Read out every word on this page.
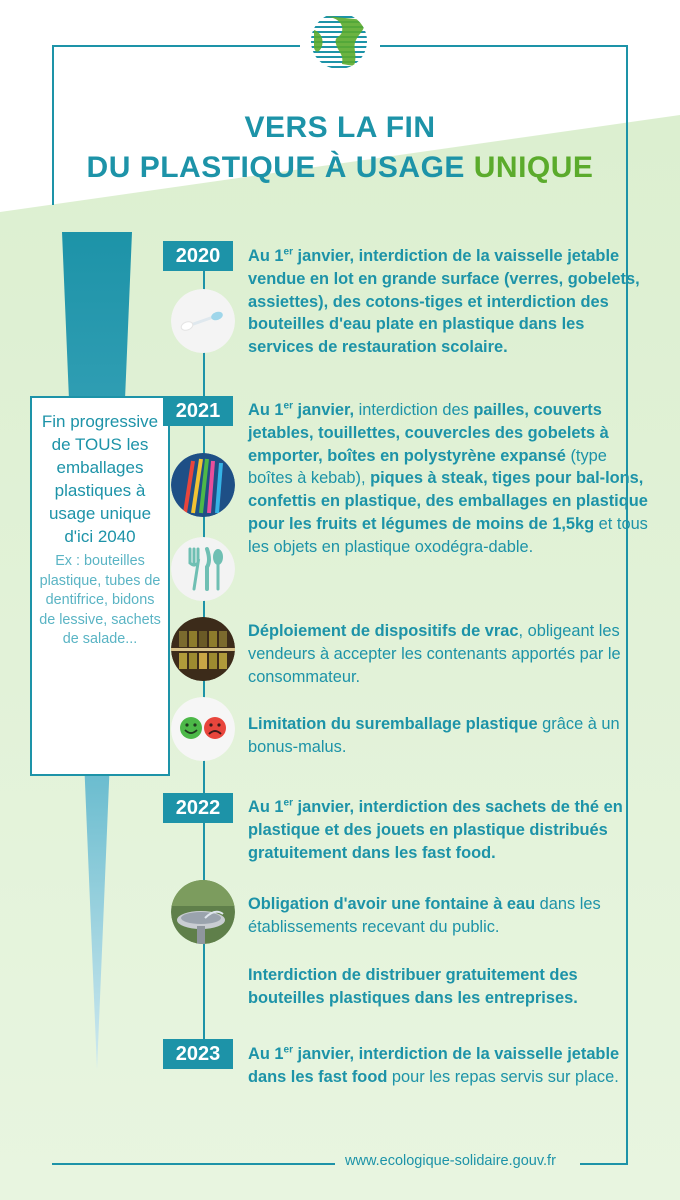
VERS LA FIN
DU PLASTIQUE À USAGE UNIQUE
Fin progressive de TOUS les emballages plastiques à usage unique d'ici 2040
Ex : bouteilles plastique, tubes de dentifrice, bidons de lessive, sachets de salade...
2020
2021
2022
2023
Au 1er janvier, interdiction de la vaisselle jetable vendue en lot en grande surface (verres, gobelets, assiettes), des cotons-tiges et interdiction des bouteilles d'eau plate en plastique dans les services de restauration scolaire.
Au 1er janvier, interdiction des pailles, couverts jetables, touillettes, couvercles des gobelets à emporter, boîtes en polystyrène expansé (type boîtes à kebab), piques à steak, tiges pour bal-lons, confettis en plastique, des emballages en plastique pour les fruits et légumes de moins de 1,5kg et tous les objets en plastique oxodégra-dable.
Déploiement de dispositifs de vrac, obligeant les vendeurs à accepter les contenants apportés par le consommateur.
Limitation du suremballage plastique grâce à un bonus-malus.
Au 1er janvier, interdiction des sachets de thé en plastique et des jouets en plastique distribués gratuitement dans les fast food.
Obligation d'avoir une fontaine à eau dans les établissements recevant du public.
Interdiction de distribuer gratuitement des bouteilles plastiques dans les entreprises.
Au 1er janvier, interdiction de la vaisselle jetable dans les fast food pour les repas servis sur place.
www.ecologique-solidaire.gouv.fr
